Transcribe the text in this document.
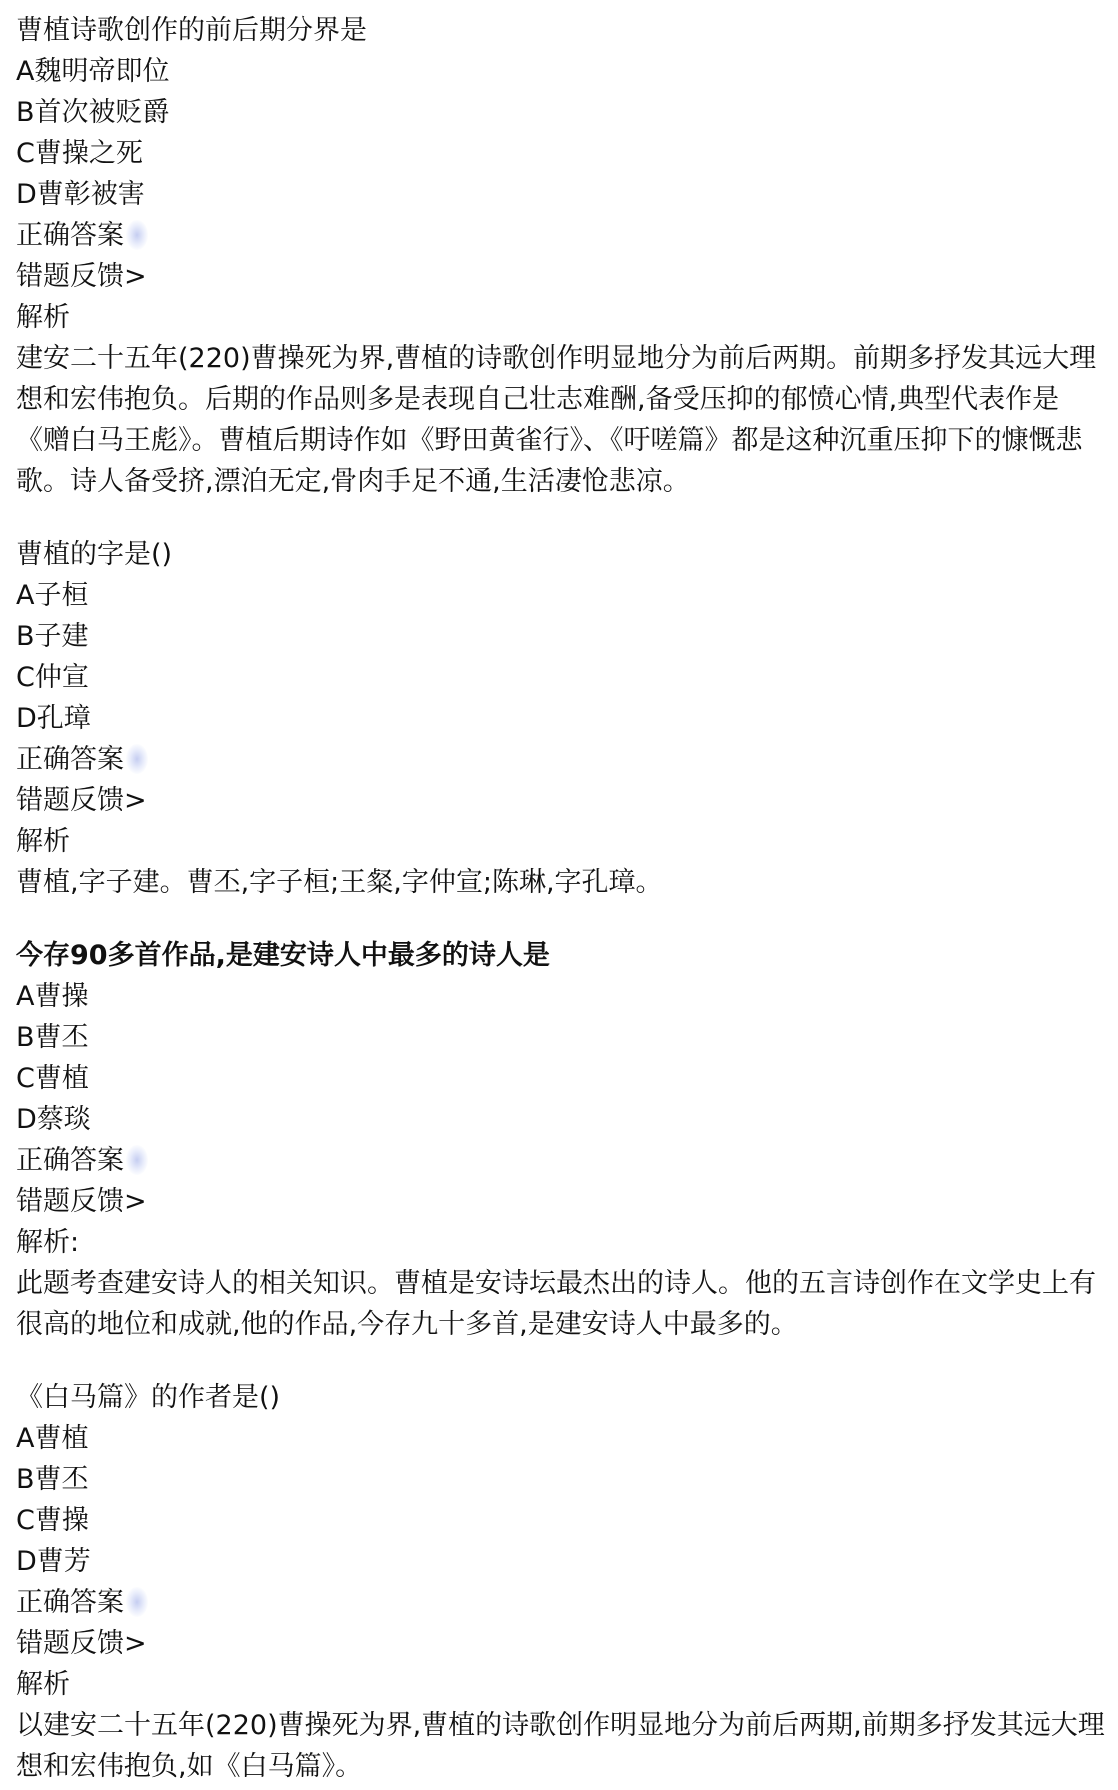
曹植诗歌创作的前后期分界是
A魏明帝即位
B首次被贬爵
C曹操之死
D曹彰被害
正确答案
错题反馈>
解析
建安二十五年(220)曹操死为界,曹植的诗歌创作明显地分为前后两期。前期多抒发其远大理想和宏伟抱负。后期的作品则多是表现自己壮志难酬,备受压抑的郁愤心情,典型代表作是《赠白马王彪》。曹植后期诗作如《野田黄雀行》、《吁嗟篇》都是这种沉重压抑下的慷慨悲歌。诗人备受挤,漂泊无定,骨肉手足不通,生活凄怆悲凉。
曹植的字是()
A子桓
B子建
C仲宣
D孔璋
正确答案
错题反馈>
解析
曹植,字子建。曹丕,字子桓;王粲,字仲宣;陈琳,字孔璋。
今存90多首作品,是建安诗人中最多的诗人是
A曹操
B曹丕
C曹植
D蔡琰
正确答案
错题反馈>
解析:
此题考查建安诗人的相关知识。曹植是安诗坛最杰出的诗人。他的五言诗创作在文学史上有很高的地位和成就,他的作品,今存九十多首,是建安诗人中最多的。
《白马篇》的作者是()
A曹植
B曹丕
C曹操
D曹芳
正确答案
错题反馈>
解析
以建安二十五年(220)曹操死为界,曹植的诗歌创作明显地分为前后两期,前期多抒发其远大理想和宏伟抱负,如《白马篇》。
